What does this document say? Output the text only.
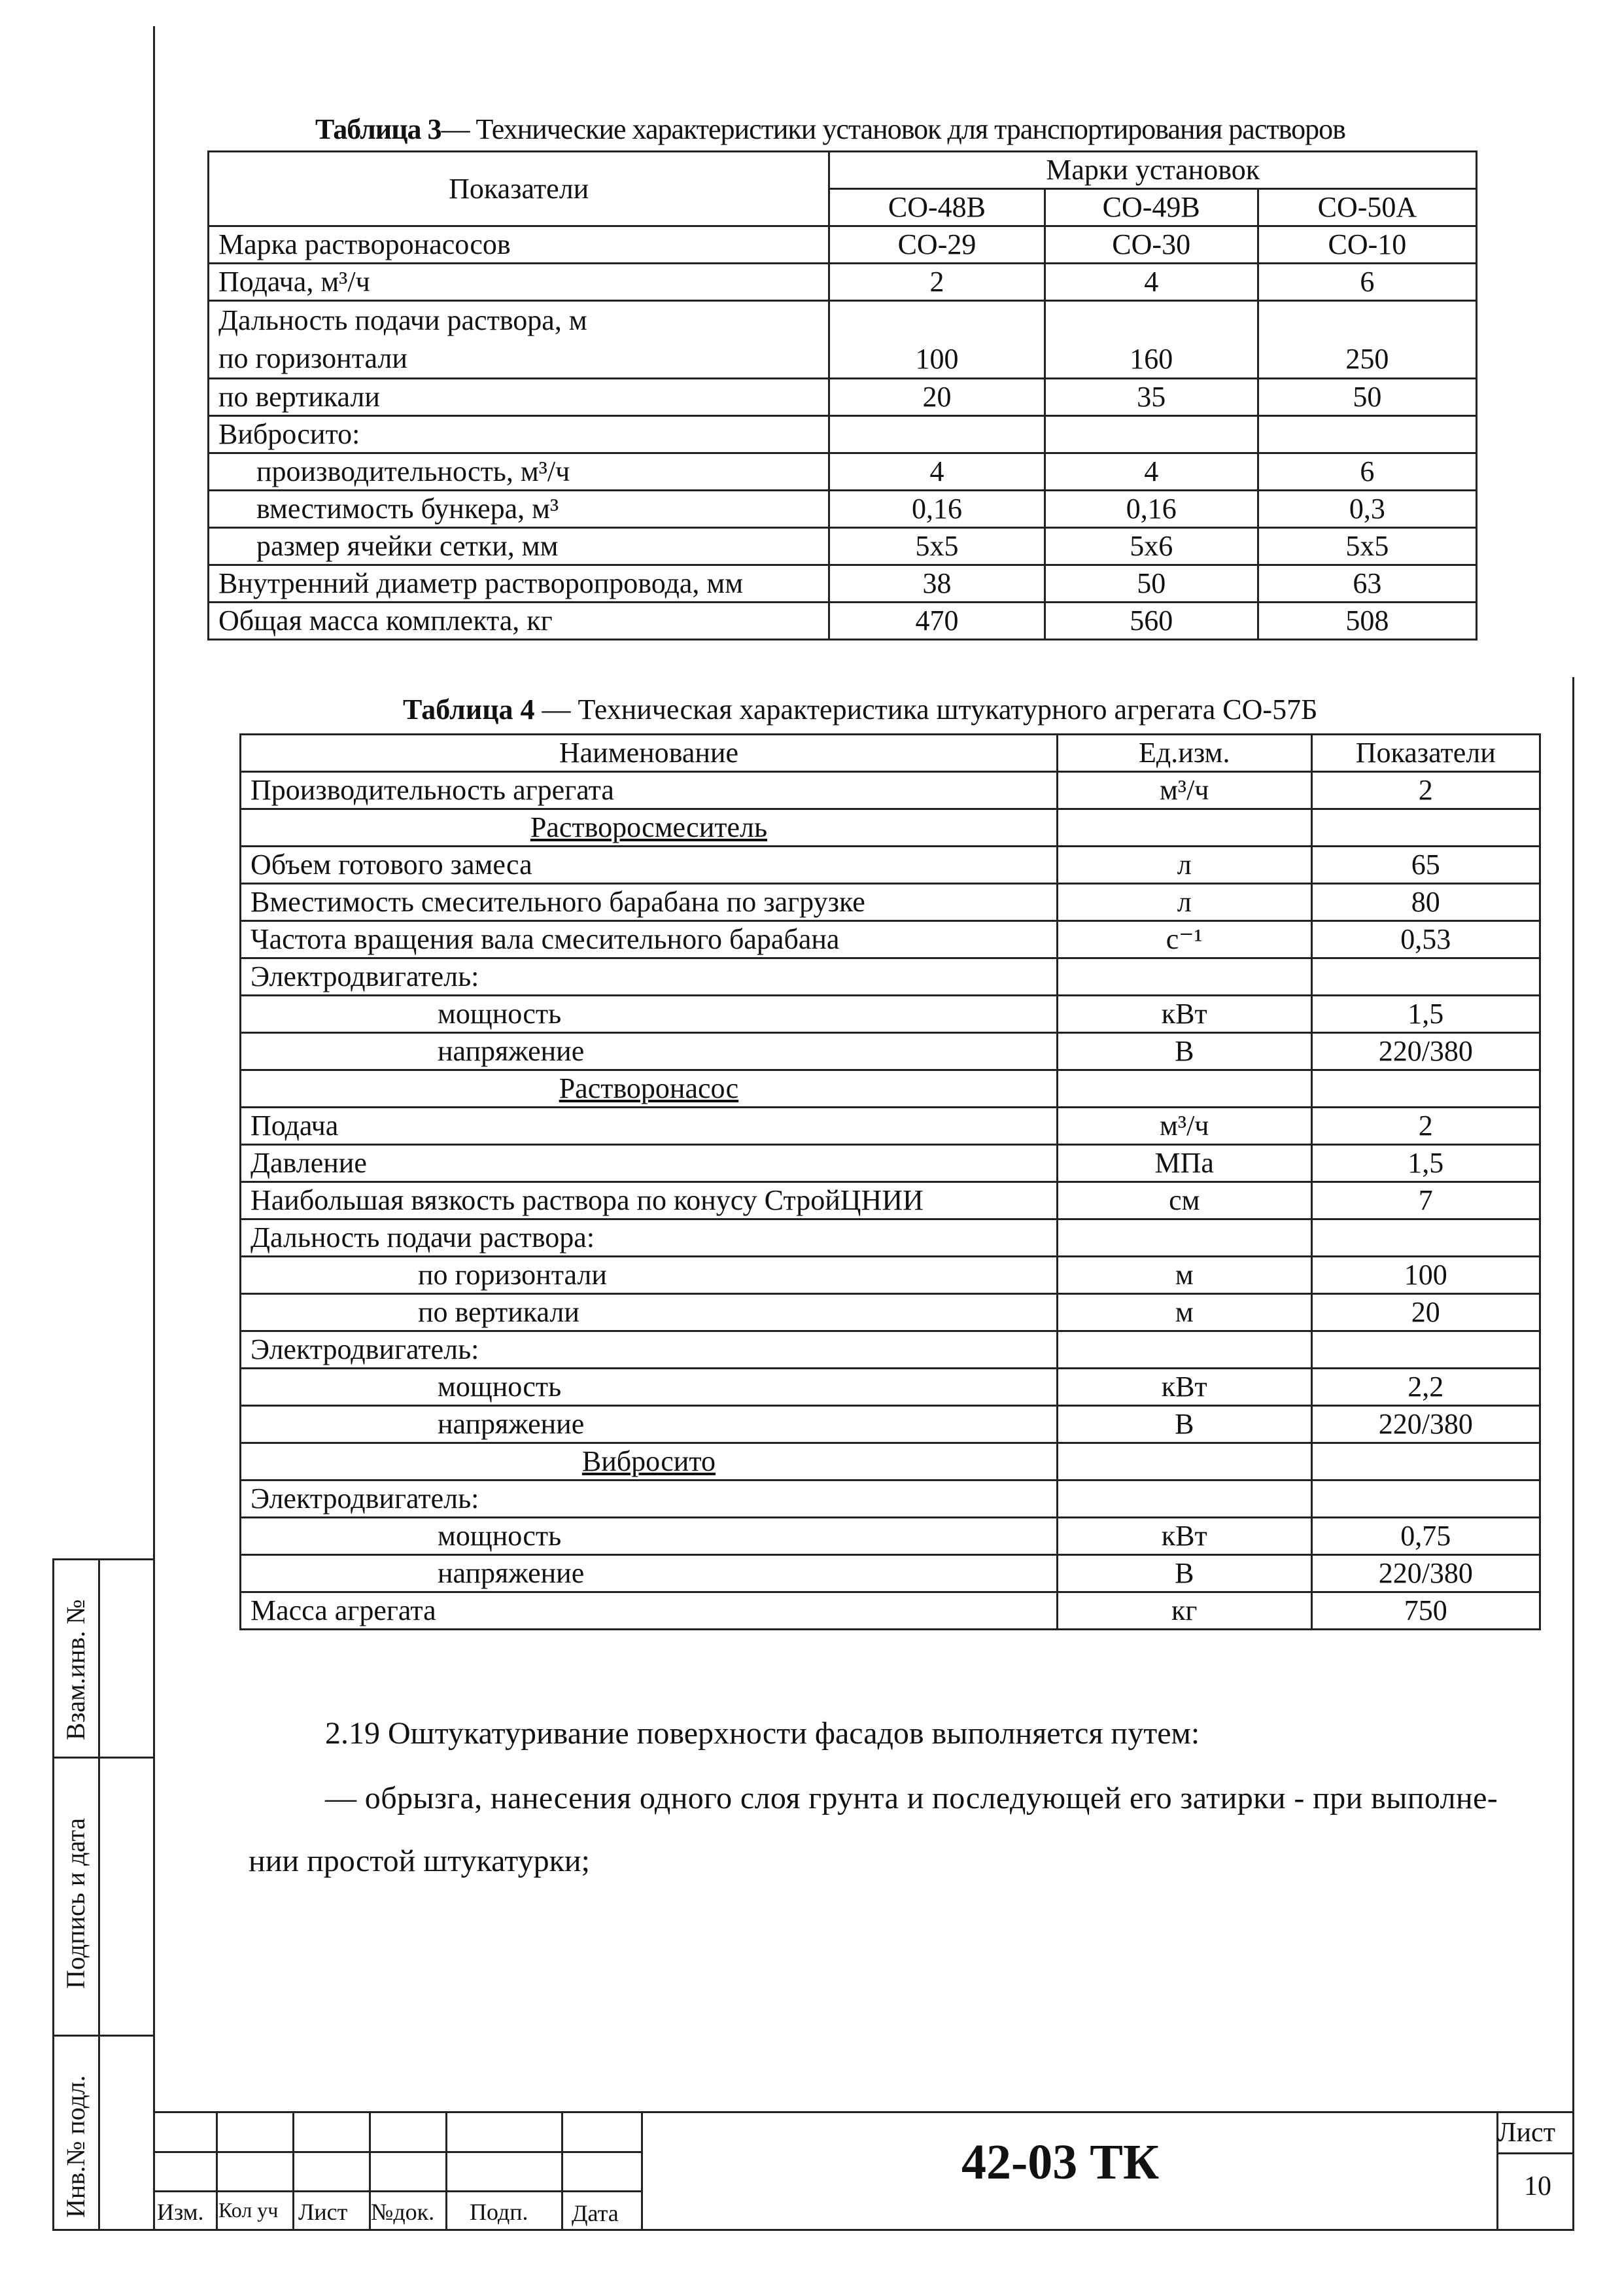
Таблица 3— Технические характеристики установок для транспортирования растворов
Показатели	Марки установок		
	СО-48В	СО-49В	СО-50А
Марка растворонасосов	СО-29	СО-30	СО-10
Подача, м³/ч	2	4	6

Дальность подачи раствора, м
по горизонтали	100	160	250
по вертикали	20	35	50
Вибросито:			
производительность, м³/ч	4	4	6
вместимость бункера, м³	0,16	0,16	0,3
размер ячейки сетки, мм	5х5	5х6	5х5
Внутренний диаметр растворопровода, мм	38	50	63
Общая масса комплекта, кг	470	560	508
Таблица 4 — Техническая характеристика штукатурного агрегата СО-57Б
Наименование	Ед.изм.	Показатели
Производительность агрегата	м³/ч	2
Растворосмеситель		
Объем готового замеса	л	65
Вместимость смесительного барабана по загрузке	л	80
Частота вращения вала смесительного барабана	с⁻¹	0,53
Электродвигатель:		
мощность	кВт	1,5
напряжение	В	220/380
Растворонасос		
Подача	м³/ч	2
Давление	МПа	1,5
Наибольшая вязкость раствора по конусу СтройЦНИИ	см	7
Дальность подачи раствора:		
по горизонтали	м	100
по вертикали	м	20
Электродвигатель:		
мощность	кВт	2,2
напряжение	В	220/380
Вибросито		
Электродвигатель:		
мощность	кВт	0,75
напряжение	В	220/380
Масса агрегата	кг	750
2.19 Оштукатуривание поверхности фасадов выполняется путем:
— обрызга, нанесения одного слоя грунта и последующей его затирки - при выполне-
нии простой штукатурки;
Взам.инв. №
Подпись и дата
Инв.№ подл.	Изм. Кол уч Лист №док. Подп. Дата
42-03 ТК
Лист
10
